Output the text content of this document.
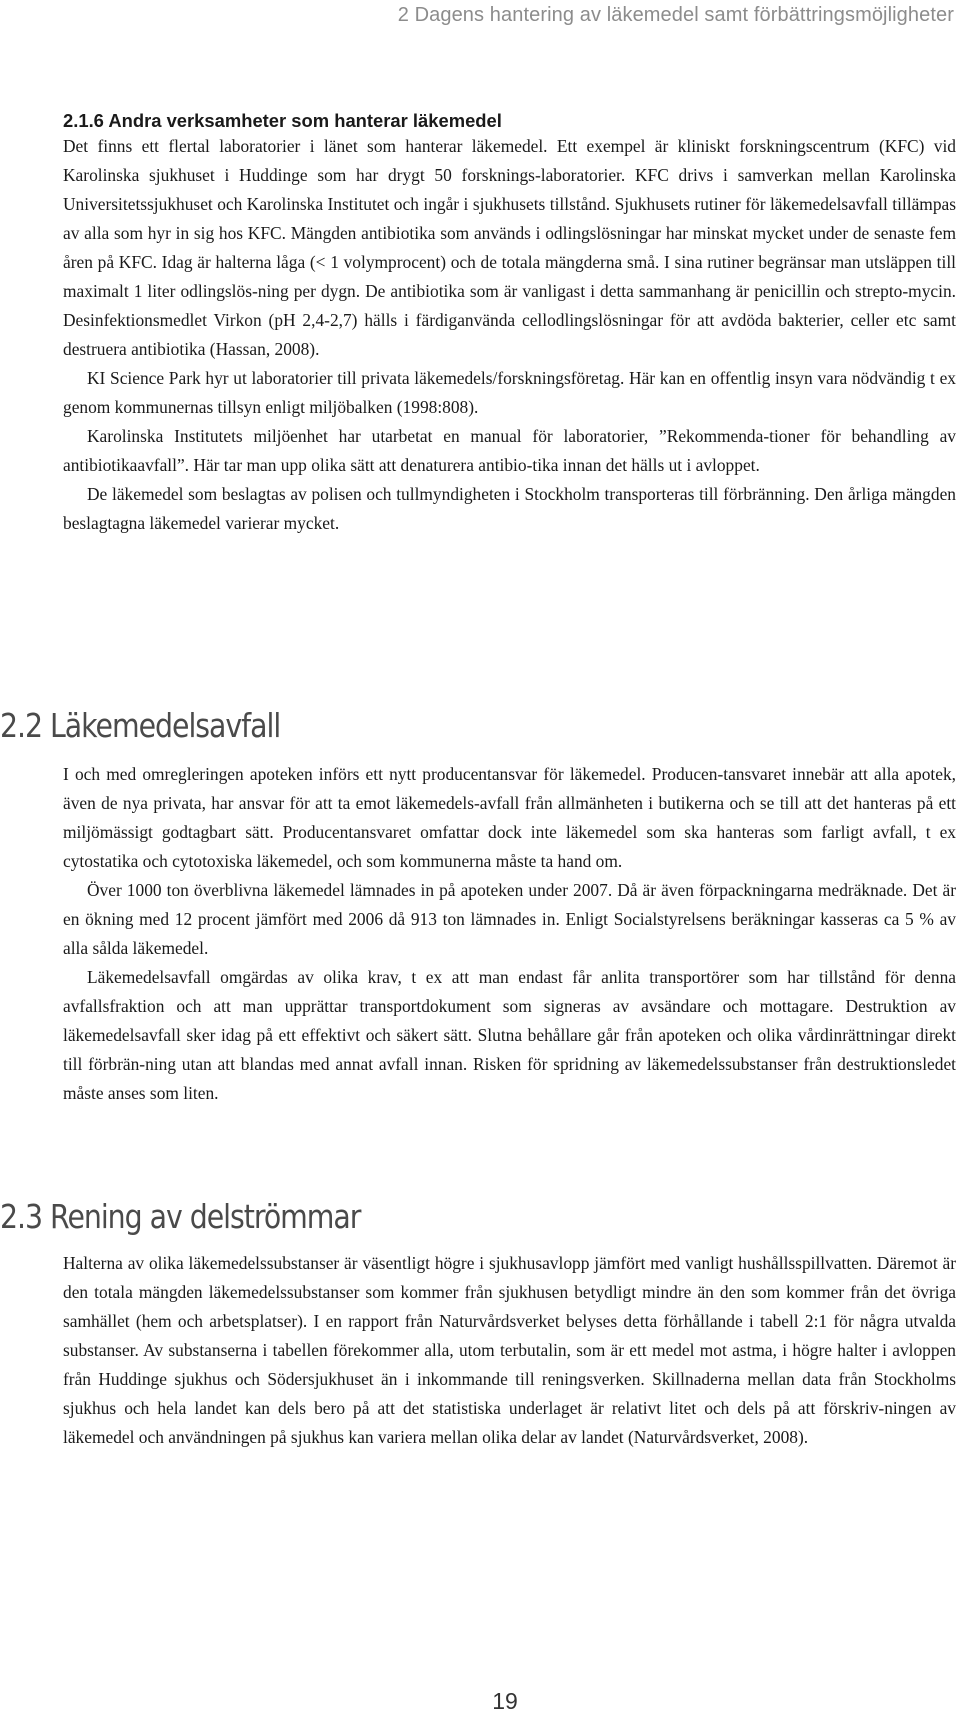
2 Dagens hantering av läkemedel samt förbättringsmöjligheter
2.1.6 Andra verksamheter som hanterar läkemedel

Det finns ett flertal laboratorier i länet som hanterar läkemedel. Ett exempel är kliniskt forskningscentrum (KFC) vid Karolinska sjukhuset i Huddinge som har drygt 50 forsknings-laboratorier. KFC drivs i samverkan mellan Karolinska Universitetssjukhuset och Karolinska Institutet och ingår i sjukhusets tillstånd. Sjukhusets rutiner för läkemedelsavfall tillämpas av alla som hyr in sig hos KFC. Mängden antibiotika som används i odlingslösningar har minskat mycket under de senaste fem åren på KFC. Idag är halterna låga (< 1 volymprocent) och de totala mängderna små. I sina rutiner begränsar man utsläppen till maximalt 1 liter odlingslös-ning per dygn. De antibiotika som är vanligast i detta sammanhang är penicillin och strepto-mycin. Desinfektionsmedlet Virkon (pH 2,4-2,7) hälls i färdiganvända cellodlingslösningar för att avdöda bakterier, celler etc samt destruera antibiotika (Hassan, 2008).

KI Science Park hyr ut laboratorier till privata läkemedels/forskningsföretag. Här kan en offentlig insyn vara nödvändig t ex genom kommunernas tillsyn enligt miljöbalken (1998:808).

Karolinska Institutets miljöenhet har utarbetat en manual för laboratorier, ”Rekommenda-tioner för behandling av antibiotikaavfall”. Här tar man upp olika sätt att denaturera antibio-tika innan det hälls ut i avloppet.

De läkemedel som beslagtas av polisen och tullmyndigheten i Stockholm transporteras till förbränning. Den årliga mängden beslagtagna läkemedel varierar mycket.

2.2 Läkemedelsavfall

I och med omregleringen apoteken införs ett nytt producentansvar för läkemedel. Producen-tansvaret innebär att alla apotek, även de nya privata, har ansvar för att ta emot läkemedels-avfall från allmänheten i butikerna och se till att det hanteras på ett miljömässigt godtagbart sätt. Producentansvaret omfattar dock inte läkemedel som ska hanteras som farligt avfall, t ex cytostatika och cytotoxiska läkemedel, och som kommunerna måste ta hand om.

Över 1000 ton överblivna läkemedel lämnades in på apoteken under 2007. Då är även förpackningarna medräknade. Det är en ökning med 12 procent jämfört med 2006 då 913 ton lämnades in. Enligt Socialstyrelsens beräkningar kasseras ca 5 % av alla sålda läkemedel.

Läkemedelsavfall omgärdas av olika krav, t ex att man endast får anlita transportörer som har tillstånd för denna avfallsfraktion och att man upprättar transportdokument som signeras av avsändare och mottagare. Destruktion av läkemedelsavfall sker idag på ett effektivt och säkert sätt. Slutna behållare går från apoteken och olika vårdinrättningar direkt till förbrän-ning utan att blandas med annat avfall innan. Risken för spridning av läkemedelssubstanser från destruktionsledet måste anses som liten.

2.3 Rening av delströmmar

Halterna av olika läkemedelssubstanser är väsentligt högre i sjukhusavlopp jämfört med vanligt hushållsspillvatten. Däremot är den totala mängden läkemedelssubstanser som kommer från sjukhusen betydligt mindre än den som kommer från det övriga samhället (hem och arbetsplatser). I en rapport från Naturvårdsverket belyses detta förhållande i tabell 2:1 för några utvalda substanser. Av substanserna i tabellen förekommer alla, utom terbutalin, som är ett medel mot astma, i högre halter i avloppen från Huddinge sjukhus och Södersjukhuset än i inkommande till reningsverken. Skillnaderna mellan data från Stockholms sjukhus och hela landet kan dels bero på att det statistiska underlaget är relativt litet och dels på att förskriv-ningen av läkemedel och användningen på sjukhus kan variera mellan olika delar av landet (Naturvårdsverket, 2008).

19
